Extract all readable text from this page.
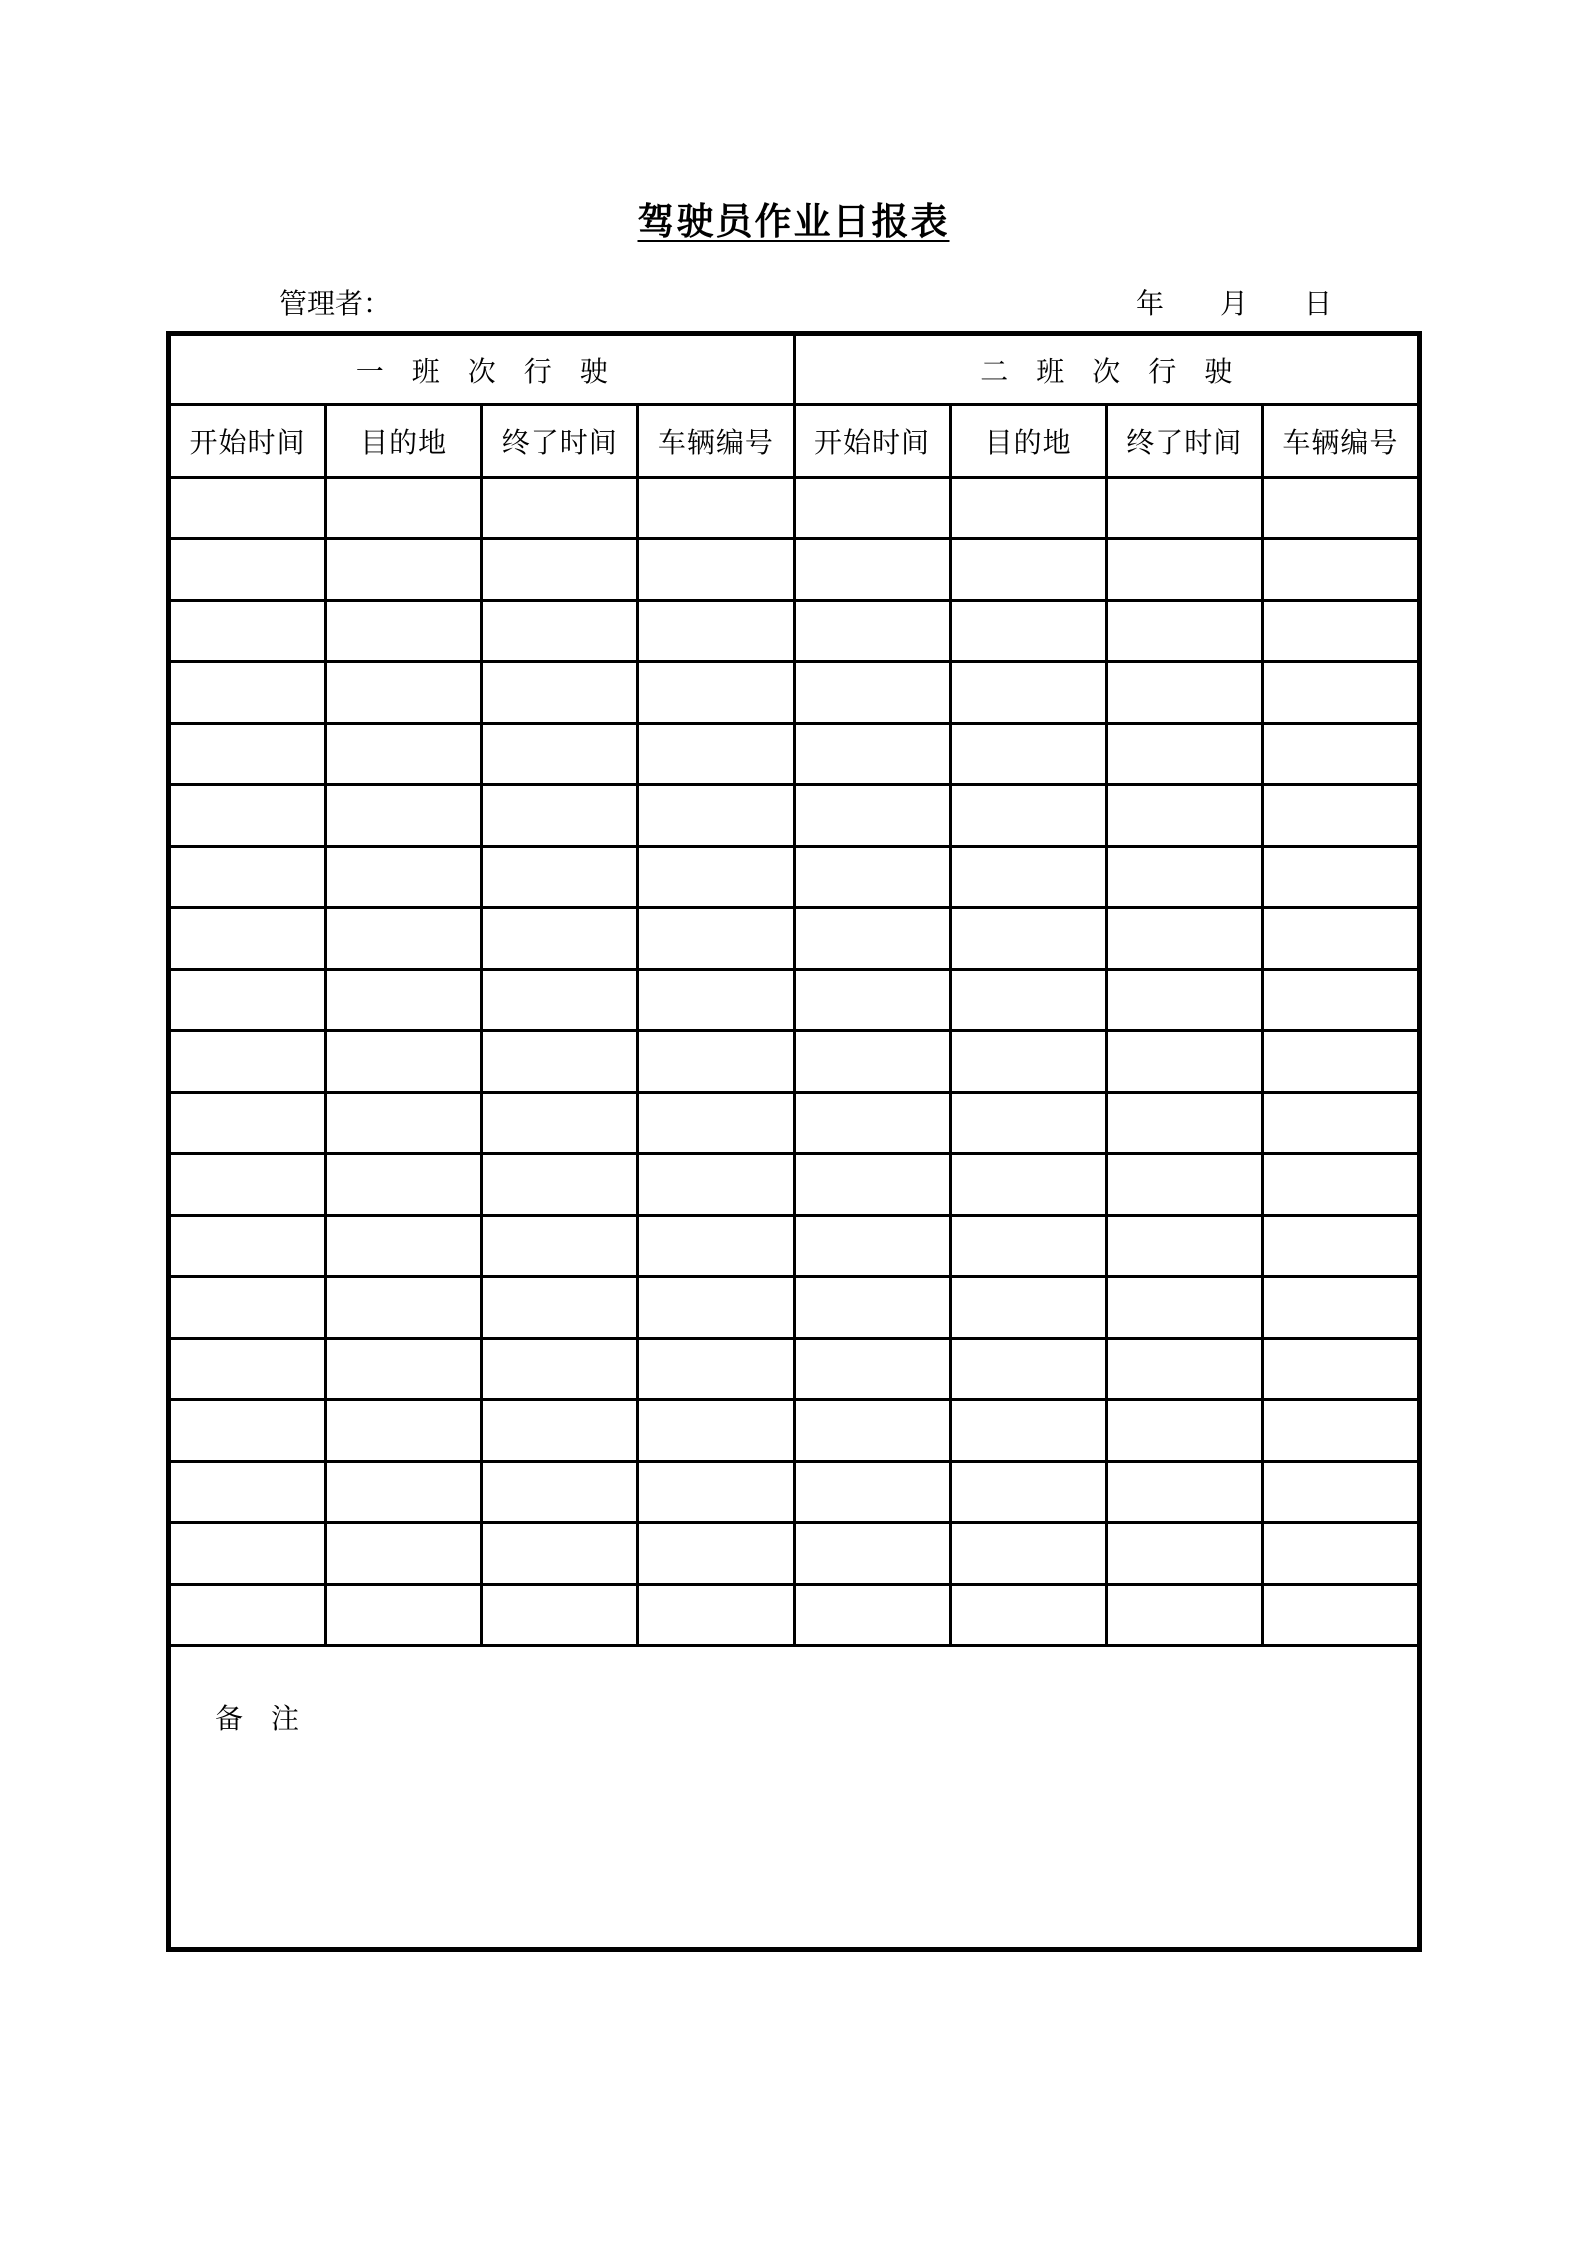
驾驶员作业日报表
管理者：	年　　月　　日
一　班　次　行　驶	二　班　次　行　驶
开始时间	目的地	终了时间	车辆编号	开始时间	目的地	终了时间	车辆编号
备　注
